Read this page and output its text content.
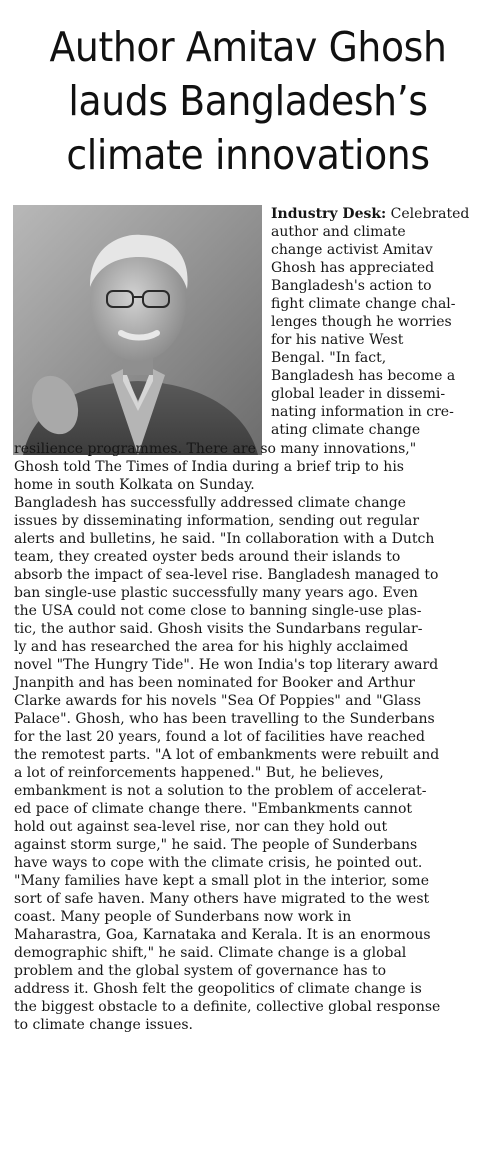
Author Amitav Ghosh
lauds Bangladesh’s
climate innovations
Industry Desk: Celebrated
author and climate
change activist Amitav
Ghosh has appreciated
Bangladesh's action to
fight climate change chal-
lenges though he worries
for his native West
Bengal. "In fact,
Bangladesh has become a
global leader in dissemi-
nating information in cre-
ating climate change
resilience programmes. There are so many innovations,"
Ghosh told The Times of India during a brief trip to his
home in south Kolkata on Sunday.
Bangladesh has successfully addressed climate change
issues by disseminating information, sending out regular
alerts and bulletins, he said. "In collaboration with a Dutch
team, they created oyster beds around their islands to
absorb the impact of sea-level rise. Bangladesh managed to
ban single-use plastic successfully many years ago. Even
the USA could not come close to banning single-use plas-
tic, the author said. Ghosh visits the Sundarbans regular-
ly and has researched the area for his highly acclaimed
novel "The Hungry Tide". He won India's top literary award
Jnanpith and has been nominated for Booker and Arthur
Clarke awards for his novels "Sea Of Poppies" and "Glass
Palace". Ghosh, who has been travelling to the Sunderbans
for the last 20 years, found a lot of facilities have reached
the remotest parts. "A lot of embankments were rebuilt and
a lot of reinforcements happened." But, he believes,
embankment is not a solution to the problem of accelerat-
ed pace of climate change there. "Embankments cannot
hold out against sea-level rise, nor can they hold out
against storm surge," he said. The people of Sunderbans
have ways to cope with the climate crisis, he pointed out.
"Many families have kept a small plot in the interior, some
sort of safe haven. Many others have migrated to the west
coast. Many people of Sunderbans now work in
Maharastra, Goa, Karnataka and Kerala. It is an enormous
demographic shift," he said. Climate change is a global
problem and the global system of governance has to
address it. Ghosh felt the geopolitics of climate change is
the biggest obstacle to a definite, collective global response
to climate change issues.
